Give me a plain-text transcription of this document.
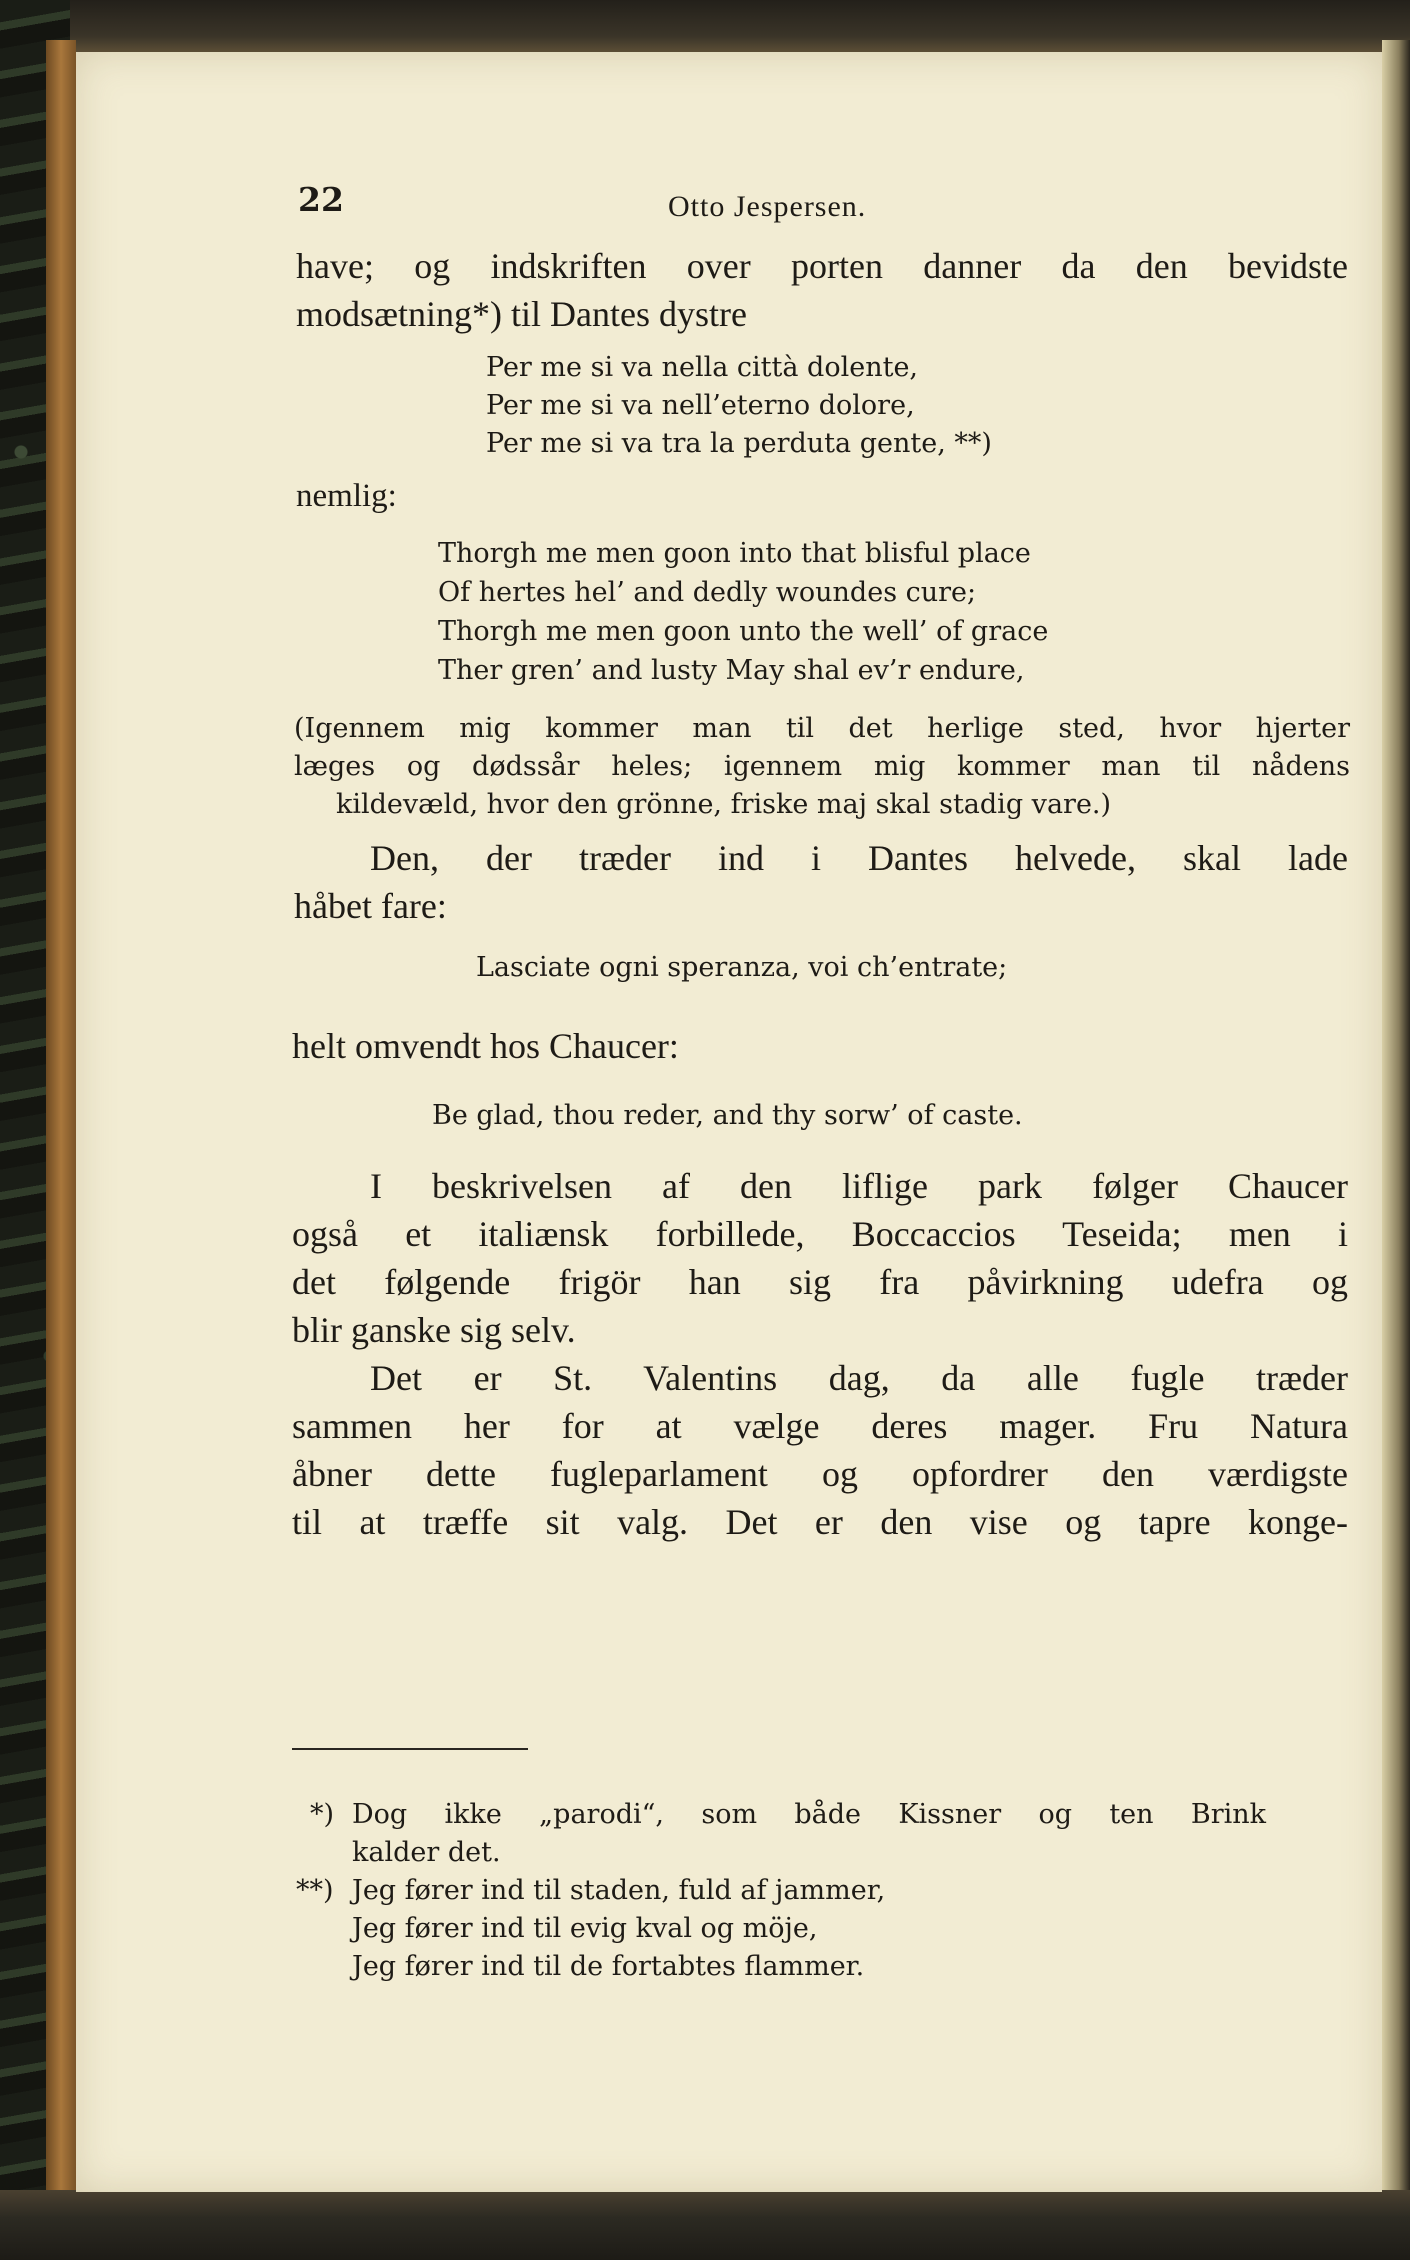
22	Otto Jespersen.
have; og indskriften over porten danner da den bevidste
modsætning*) til Dantes dystre
Per me si va nella città dolente,
Per me si va nell’eterno dolore,
Per me si va tra la perduta gente, **)
nemlig:
Thorgh me men goon into that blisful place
Of hertes hel’ and dedly woundes cure;
Thorgh me men goon unto the well’ of grace
Ther gren’ and lusty May shal ev’r endure,
(Igennem mig kommer man til det herlige sted, hvor hjerter
læges og dødssår heles; igennem mig kommer man til nådens
kildevæld, hvor den grönne, friske maj skal stadig vare.)
Den, der træder ind i Dantes helvede, skal lade
håbet fare:
Lasciate ogni speranza, voi ch’entrate;
helt omvendt hos Chaucer:
Be glad, thou reder, and thy sorw’ of caste.
I beskrivelsen af den liflige park følger Chaucer
også et italiænsk forbillede, Boccaccios Teseida; men i
det følgende frigör han sig fra påvirkning udefra og
blir ganske sig selv.
Det er St. Valentins dag, da alle fugle træder
sammen her for at vælge deres mager. Fru Natura
åbner dette fugleparlament og opfordrer den værdigste
til at træffe sit valg. Det er den vise og tapre konge-
*) Dog ikke „parodi“, som både Kissner og ten Brink
kalder det.
**) Jeg fører ind til staden, fuld af jammer,
Jeg fører ind til evig kval og möje,
Jeg fører ind til de fortabtes flammer.
